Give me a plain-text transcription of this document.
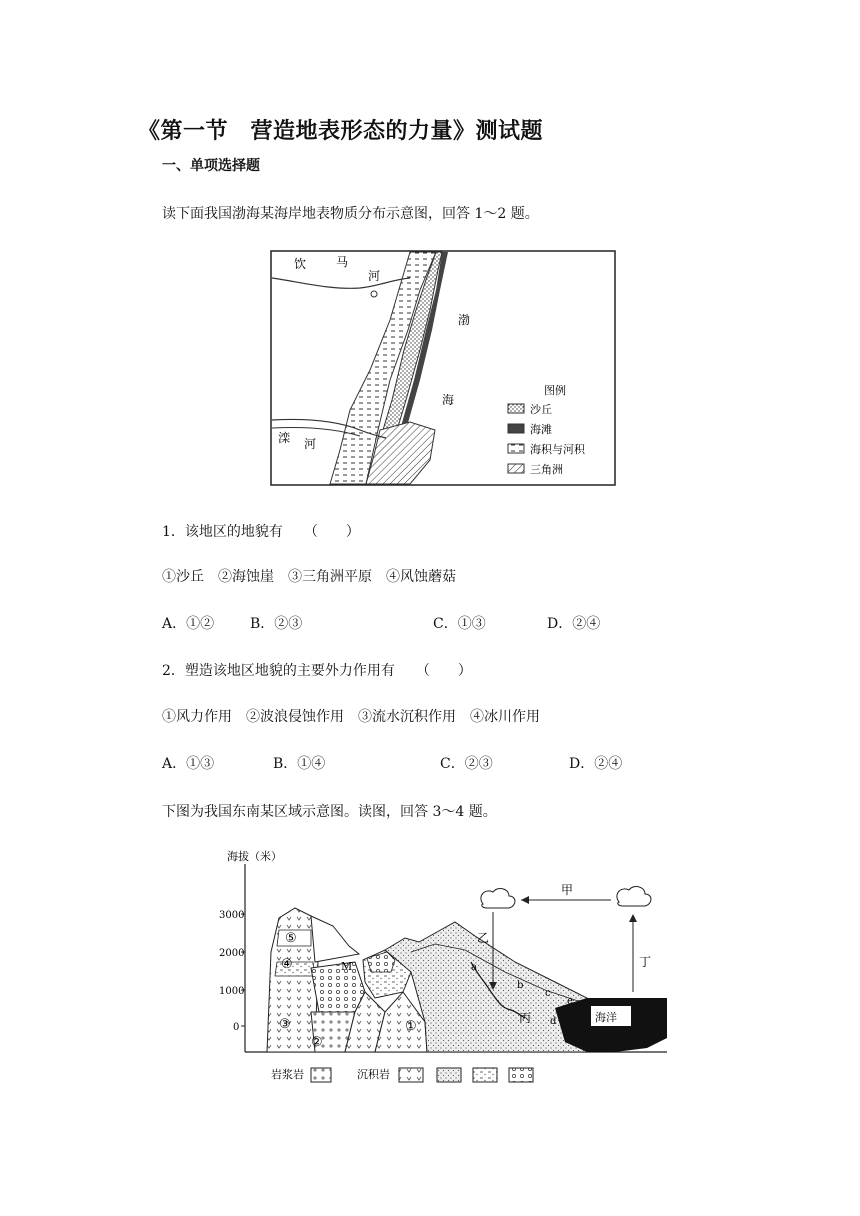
《第一节　营造地表形态的力量》测试题
一、单项选择题
读下面我国渤海某海岸地表物质分布示意图，回答 1～2 题。
饮 马
河
渤
海
滦 河
图例
沙丘
海滩
海积与河积
三角洲
1．该地区的地貌有　　（　　）
①沙丘　②海蚀崖　③三角洲平原　④风蚀蘑菇
A．①②	B．②③	C．①③	D．②④
2．塑造该地区地貌的主要外力作用有　　（　　）
①风力作用　②波浪侵蚀作用　③流水沉积作用　④冰川作用
A．①③	B．①④	C．②③	D．②④
下图为我国东南某区域示意图。读图，回答 3～4 题。
海拔（米）
3000
2000
1000
0
海洋
甲
乙
丁
丙
M	a
b
c
d
e
①
②
③
④
⑤
岩浆岩	沉积岩
